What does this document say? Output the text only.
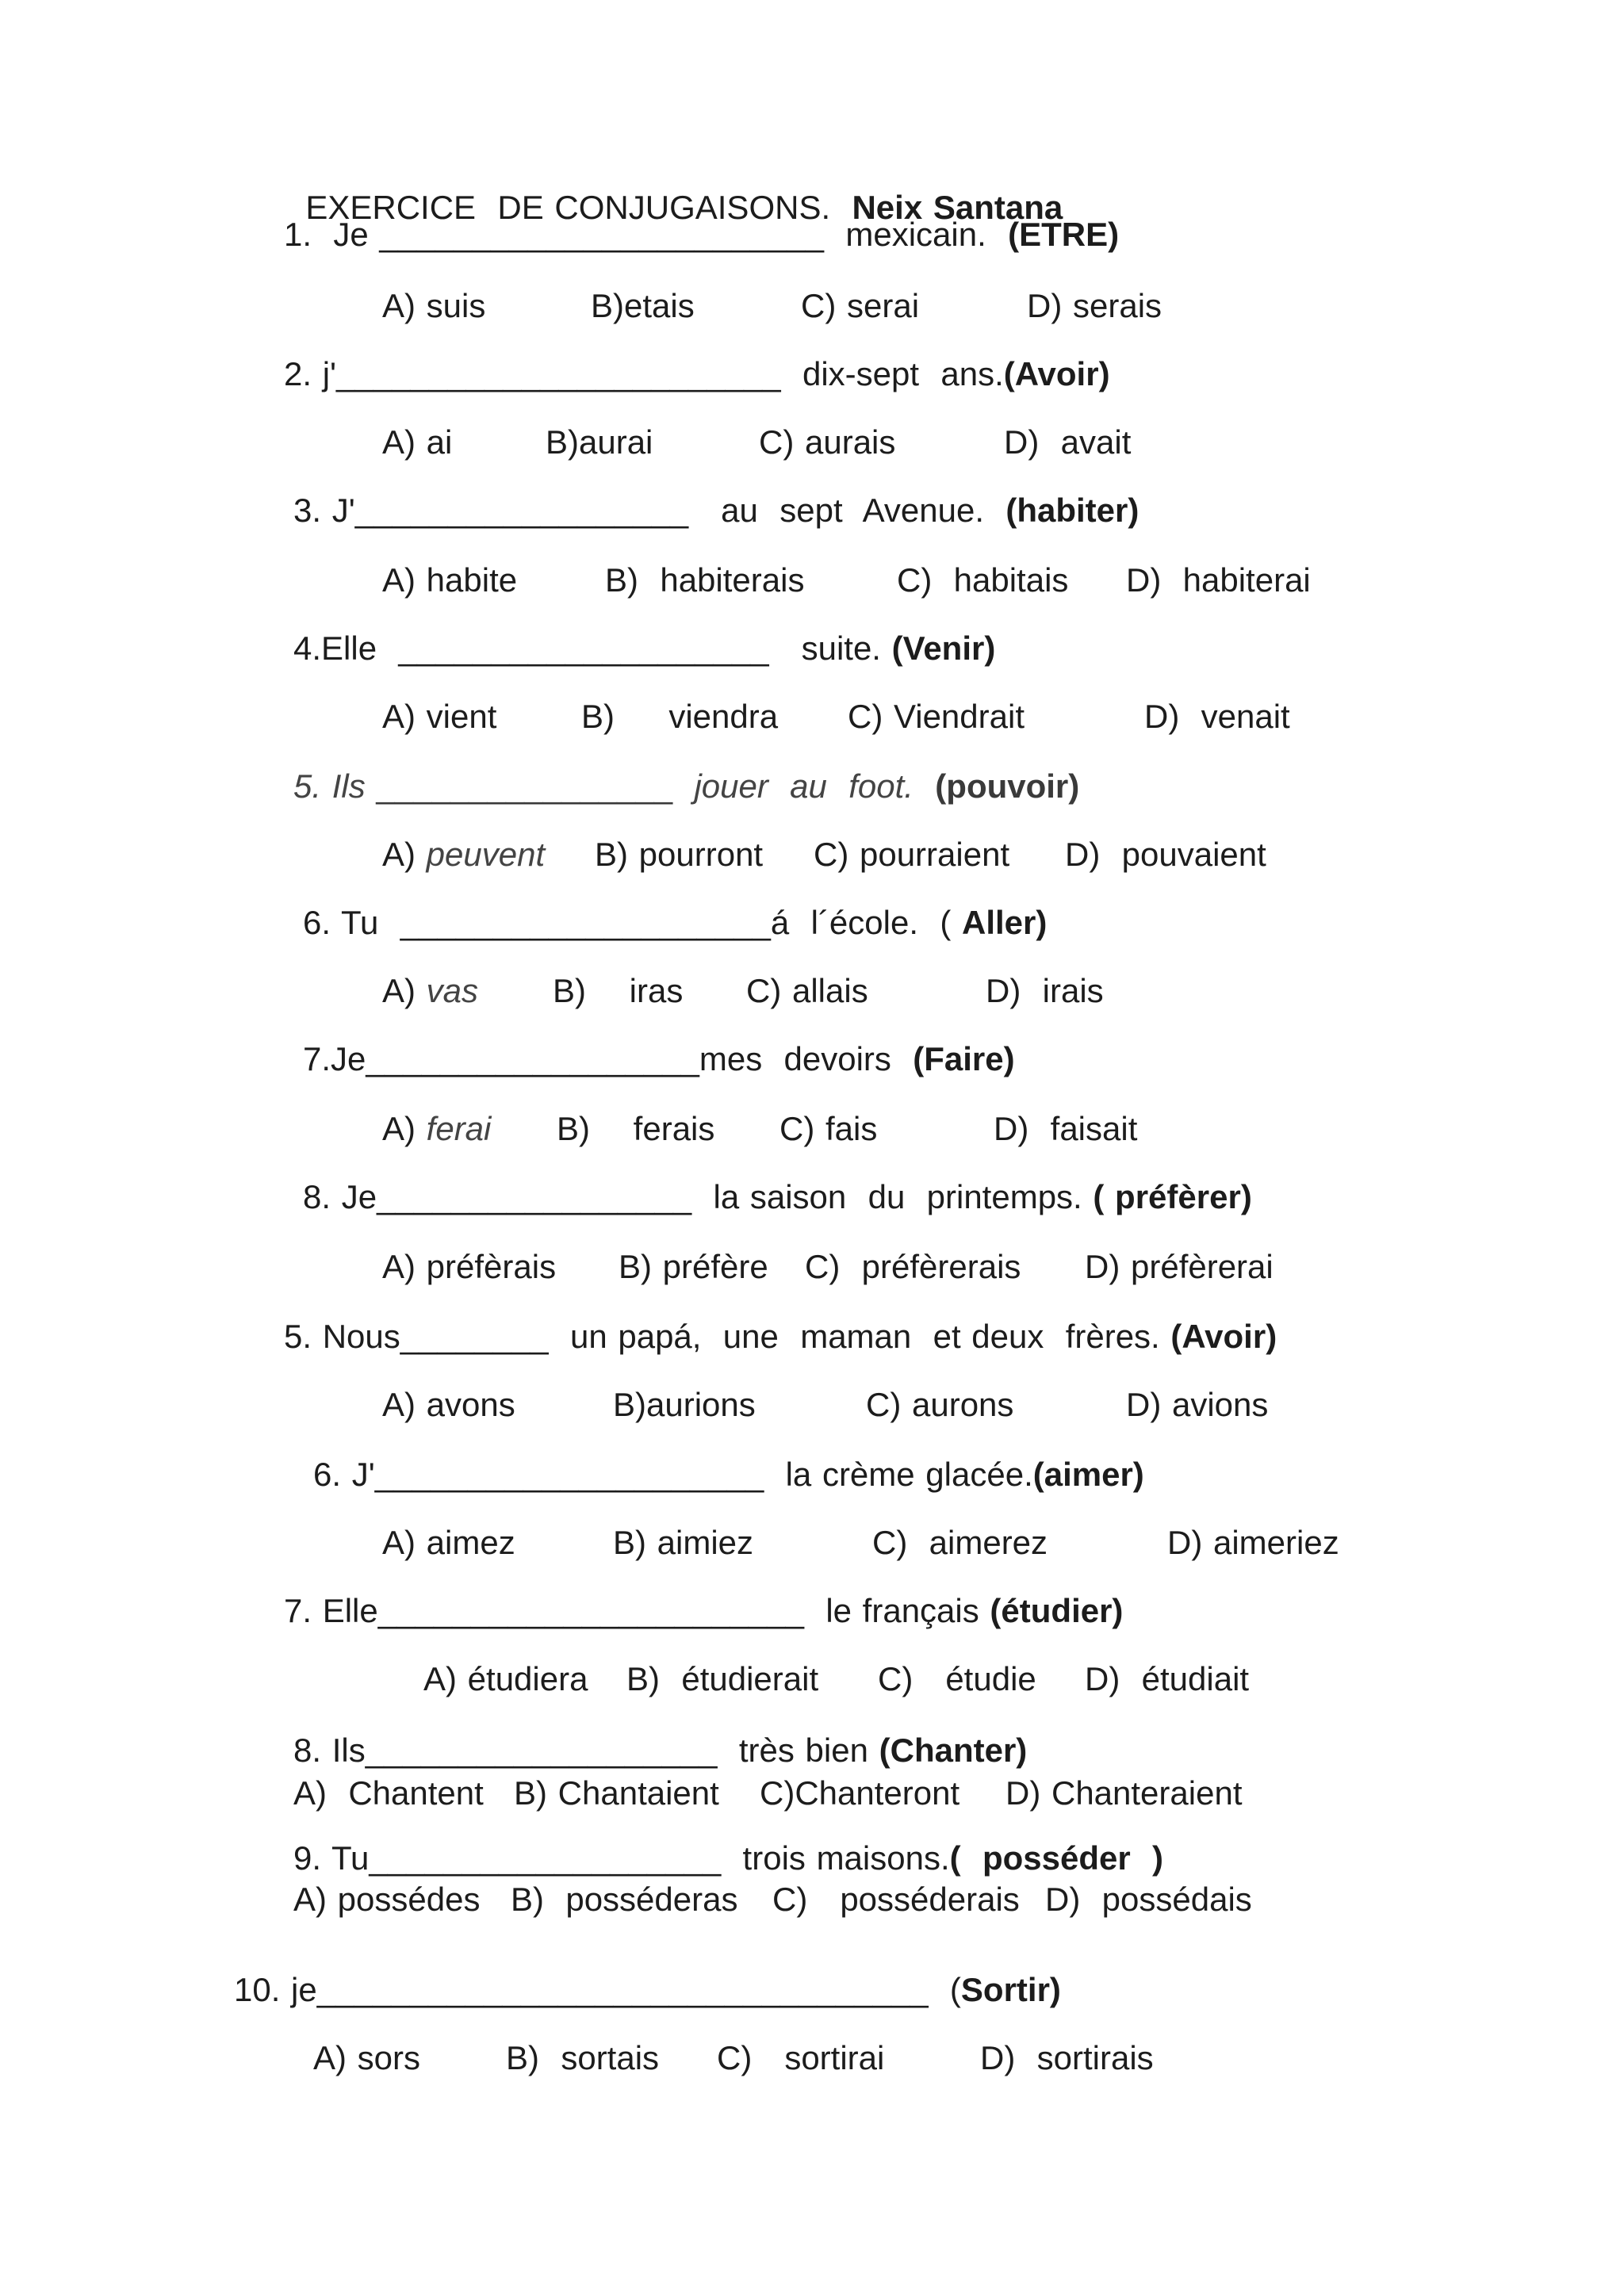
EXERCICE  DE CONJUGAISONS. Neix Santana

1.  Je ________________________  mexicain.  (ETRE)
A) suis	B)etais	C) serai	D) serais
2. j'________________________  dix-sept  ans.(Avoir)
A) ai	B)aurai	C) aurais	D)  avait
3. J'__________________   au  sept  Avenue.  (habiter)
A) habite	B)  habiterais	C)  habitais D)  habiterai
4.Elle  ____________________   suite. (Venir)
A) vient	B)     viendra C) Viendrait	D)  venait
5. Ils ________________  jouer  au  foot.  (pouvoir)
A) peuvent B) pourront C) pourraient D)  pouvaient
6. Tu  ____________________á  l´école.  ( Aller)
A) vas B)    iras C) allais	D)  irais
7.Je__________________mes  devoirs  (Faire)
A) ferai B)    ferais C) fais	D)  faisait
8. Je_________________  la saison  du  printemps. ( préfèrer)
A) préfèrais B) préfère C)  préfèrerais D) préfèrerai
5. Nous________  un papá,  une  maman  et deux  frères. (Avoir)
A) avons	B)aurions	C) aurons	D) avions
6. J'_____________________  la crème glacée.(aimer)
A) aimez	B) aimiez	C)  aimerez	D) aimeriez
7. Elle_______________________  le français (étudier)
A) étudiera B)  étudierait C)   étudie D)  étudiait
8. Ils___________________  très bien (Chanter)
A)  Chantent B) Chantaient C)Chanteront D) Chanteraient
9. Tu___________________  trois maisons.(  posséder  )
A) possédes B)  posséderas C)   posséderais D)  possédais
10. je_________________________________  (Sortir)
A) sors	B)  sortais C)   sortirai	D)  sortirais
